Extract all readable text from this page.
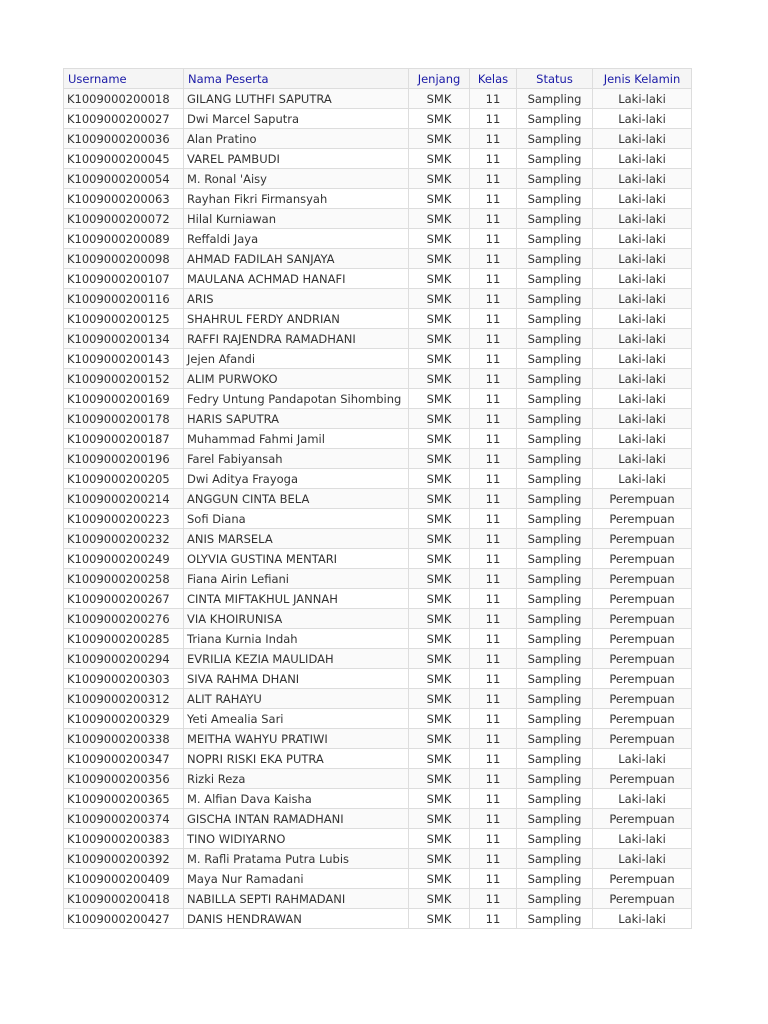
Username	Nama Peserta	Jenjang	Kelas	Status	Jenis Kelamin
K1009000200018	GILANG LUTHFI SAPUTRA	SMK	11	Sampling	Laki-laki
K1009000200027	Dwi Marcel Saputra	SMK	11	Sampling	Laki-laki
K1009000200036	Alan Pratino	SMK	11	Sampling	Laki-laki
K1009000200045	VAREL PAMBUDI	SMK	11	Sampling	Laki-laki
K1009000200054	M. Ronal 'Aisy	SMK	11	Sampling	Laki-laki
K1009000200063	Rayhan Fikri Firmansyah	SMK	11	Sampling	Laki-laki
K1009000200072	Hilal Kurniawan	SMK	11	Sampling	Laki-laki
K1009000200089	Reffaldi Jaya	SMK	11	Sampling	Laki-laki
K1009000200098	AHMAD FADILAH SANJAYA	SMK	11	Sampling	Laki-laki
K1009000200107	MAULANA ACHMAD HANAFI	SMK	11	Sampling	Laki-laki
K1009000200116	ARIS	SMK	11	Sampling	Laki-laki
K1009000200125	SHAHRUL FERDY ANDRIAN	SMK	11	Sampling	Laki-laki
K1009000200134	RAFFI RAJENDRA RAMADHANI	SMK	11	Sampling	Laki-laki
K1009000200143	Jejen Afandi	SMK	11	Sampling	Laki-laki
K1009000200152	ALIM PURWOKO	SMK	11	Sampling	Laki-laki
K1009000200169	Fedry Untung Pandapotan Sihombing	SMK	11	Sampling	Laki-laki
K1009000200178	HARIS SAPUTRA	SMK	11	Sampling	Laki-laki
K1009000200187	Muhammad Fahmi Jamil	SMK	11	Sampling	Laki-laki
K1009000200196	Farel Fabiyansah	SMK	11	Sampling	Laki-laki
K1009000200205	Dwi Aditya Frayoga	SMK	11	Sampling	Laki-laki
K1009000200214	ANGGUN CINTA BELA	SMK	11	Sampling	Perempuan
K1009000200223	Sofi Diana	SMK	11	Sampling	Perempuan
K1009000200232	ANIS MARSELA	SMK	11	Sampling	Perempuan
K1009000200249	OLYVIA GUSTINA MENTARI	SMK	11	Sampling	Perempuan
K1009000200258	Fiana Airin Lefiani	SMK	11	Sampling	Perempuan
K1009000200267	CINTA MIFTAKHUL JANNAH	SMK	11	Sampling	Perempuan
K1009000200276	VIA KHOIRUNISA	SMK	11	Sampling	Perempuan
K1009000200285	Triana Kurnia Indah	SMK	11	Sampling	Perempuan
K1009000200294	EVRILIA KEZIA MAULIDAH	SMK	11	Sampling	Perempuan
K1009000200303	SIVA RAHMA DHANI	SMK	11	Sampling	Perempuan
K1009000200312	ALIT RAHAYU	SMK	11	Sampling	Perempuan
K1009000200329	Yeti Amealia Sari	SMK	11	Sampling	Perempuan
K1009000200338	MEITHA WAHYU PRATIWI	SMK	11	Sampling	Perempuan
K1009000200347	NOPRI RISKI EKA PUTRA	SMK	11	Sampling	Laki-laki
K1009000200356	Rizki Reza	SMK	11	Sampling	Perempuan
K1009000200365	M. Alfian Dava Kaisha	SMK	11	Sampling	Laki-laki
K1009000200374	GISCHA INTAN RAMADHANI	SMK	11	Sampling	Perempuan
K1009000200383	TINO WIDIYARNO	SMK	11	Sampling	Laki-laki
K1009000200392	M. Rafli Pratama Putra Lubis	SMK	11	Sampling	Laki-laki
K1009000200409	Maya Nur Ramadani	SMK	11	Sampling	Perempuan
K1009000200418	NABILLA SEPTI RAHMADANI	SMK	11	Sampling	Perempuan
K1009000200427	DANIS HENDRAWAN	SMK	11	Sampling	Laki-laki
